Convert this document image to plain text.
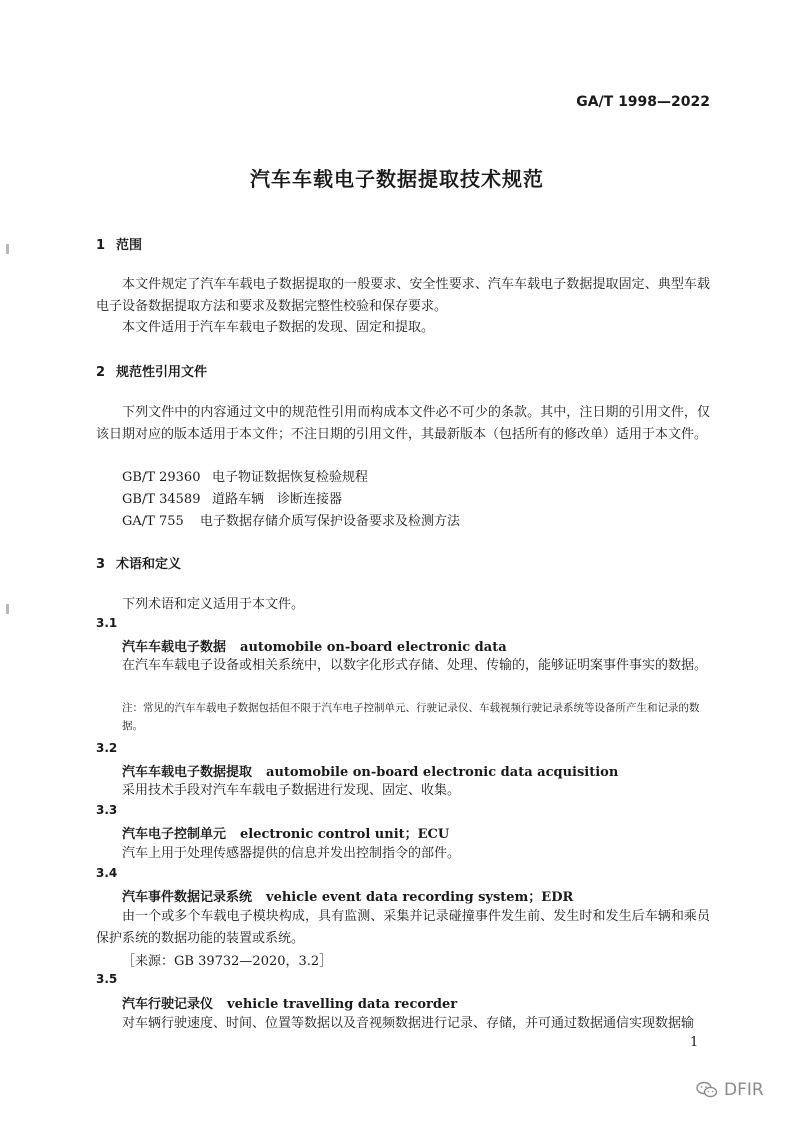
GA/T 1998—2022
汽车车载电子数据提取技术规范
1 范围
本文件规定了汽车车载电子数据提取的一般要求、安全性要求、汽车车载电子数据提取固定、典型车载电子设备数据提取方法和要求及数据完整性校验和保存要求。
本文件适用于汽车车载电子数据的发现、固定和提取。
2 规范性引用文件
下列文件中的内容通过文中的规范性引用而构成本文件必不可少的条款。其中，注日期的引用文件，仅该日期对应的版本适用于本文件；不注日期的引用文件，其最新版本（包括所有的修改单）适用于本文件。
GB/T 29360 电子物证数据恢复检验规程
GB/T 34589 道路车辆　诊断连接器
GA/T 755 电子数据存储介质写保护设备要求及检测方法
3 术语和定义
下列术语和定义适用于本文件。
3.1
汽车车载电子数据 automobile on-board electronic data
在汽车车载电子设备或相关系统中，以数字化形式存储、处理、传输的，能够证明案事件事实的数据。
注：常见的汽车车载电子数据包括但不限于汽车电子控制单元、行驶记录仪、车载视频行驶记录系统等设备所产生和记录的数据。
3.2
汽车车载电子数据提取 automobile on-board electronic data acquisition
采用技术手段对汽车车载电子数据进行发现、固定、收集。
3.3
汽车电子控制单元 electronic control unit；ECU
汽车上用于处理传感器提供的信息并发出控制指令的部件。
3.4
汽车事件数据记录系统 vehicle event data recording system；EDR
由一个或多个车载电子模块构成，具有监测、采集并记录碰撞事件发生前、发生时和发生后车辆和乘员保护系统的数据功能的装置或系统。
［来源：GB 39732—2020，3.2］
3.5
汽车行驶记录仪 vehicle travelling data recorder
对车辆行驶速度、时间、位置等数据以及音视频数据进行记录、存储，并可通过数据通信实现数据输
1
DFIR
